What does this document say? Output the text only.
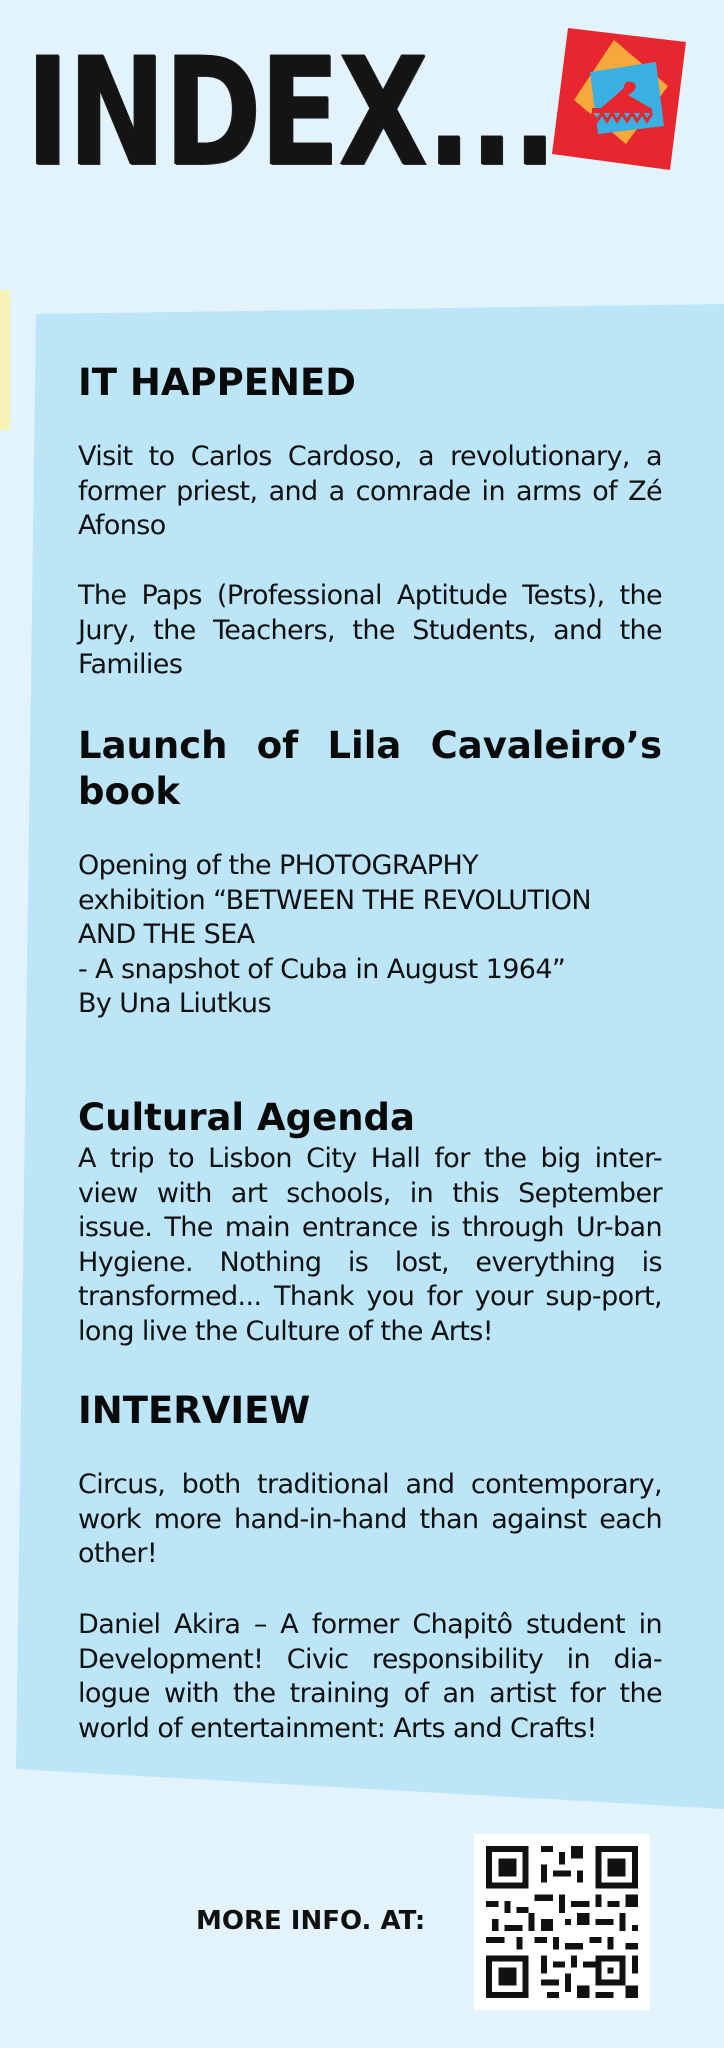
INDEX...
IT HAPPENED

Visit to Carlos Cardoso, a revolutionary, a former priest, and a comrade in arms of Zé Afonso

The Paps (Professional Aptitude Tests), the Jury, the Teachers, the Students, and the Families

Launch of Lila Cavaleiro’s book

Opening of the PHOTOGRAPHY

exhibition “BETWEEN THE REVOLUTION

AND THE SEA

- A snapshot of Cuba in August 1964”

By Una Liutkus

Cultural Agenda

A trip to Lisbon City Hall for the big inter-view with art schools, in this September issue. The main entrance is through Ur-ban Hygiene. Nothing is lost, everything is transformed... Thank you for your sup-port, long live the Culture of the Arts!

INTERVIEW

Circus, both traditional and contemporary, work more hand-in-hand than against each other!

Daniel Akira – A former Chapitô student in Development! Civic responsibility in dia-logue with the training of an artist for the world of entertainment: Arts and Crafts!

MORE INFO. AT:
